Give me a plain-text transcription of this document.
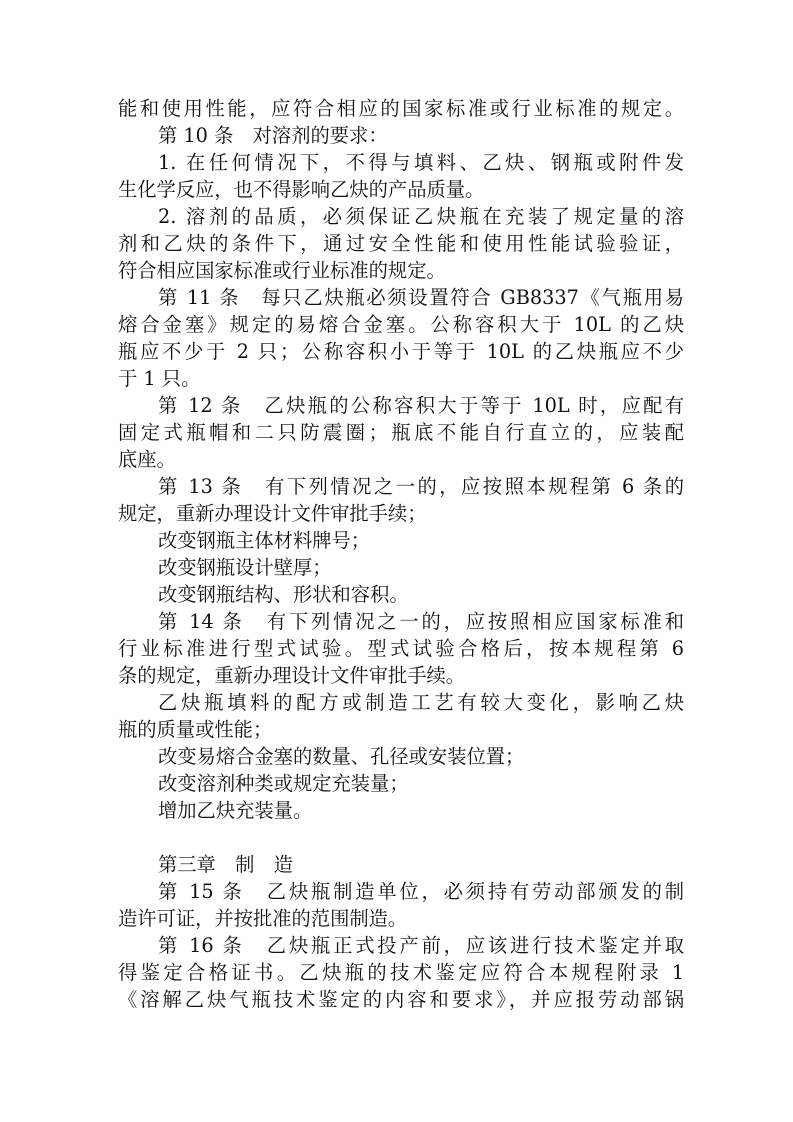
能和使用性能，应符合相应的国家标准或行业标准的规定。
第 10 条　对溶剂的要求：
1. 在任何情况下，不得与填料、乙炔、钢瓶或附件发
生化学反应，也不得影响乙炔的产品质量。
2. 溶剂的品质，必须保证乙炔瓶在充装了规定量的溶
剂和乙炔的条件下，通过安全性能和使用性能试验验证，
符合相应国家标准或行业标准的规定。
第 11 条　每只乙炔瓶必须设置符合 GB8337《气瓶用易
熔合金塞》规定的易熔合金塞。公称容积大于 10L 的乙炔
瓶应不少于 2 只；公称容积小于等于 10L 的乙炔瓶应不少
于 1 只。
第 12 条　乙炔瓶的公称容积大于等于 10L 时，应配有
固定式瓶帽和二只防震圈；瓶底不能自行直立的，应装配
底座。
第 13 条　有下列情况之一的，应按照本规程第 6 条的
规定，重新办理设计文件审批手续；
改变钢瓶主体材料牌号；
改变钢瓶设计壁厚；
改变钢瓶结构、形状和容积。
第 14 条　有下列情况之一的，应按照相应国家标准和
行业标准进行型式试验。型式试验合格后，按本规程第 6
条的规定，重新办理设计文件审批手续。
乙炔瓶填料的配方或制造工艺有较大变化，影响乙炔
瓶的质量或性能；
改变易熔合金塞的数量、孔径或安装位置；
改变溶剂种类或规定充装量；
增加乙炔充装量。
第三章　制　造
第 15 条　乙炔瓶制造单位，必须持有劳动部颁发的制
造许可证，并按批准的范围制造。
第 16 条　乙炔瓶正式投产前，应该进行技术鉴定并取
得鉴定合格证书。乙炔瓶的技术鉴定应符合本规程附录 1
《溶解乙炔气瓶技术鉴定的内容和要求》，并应报劳动部锅
